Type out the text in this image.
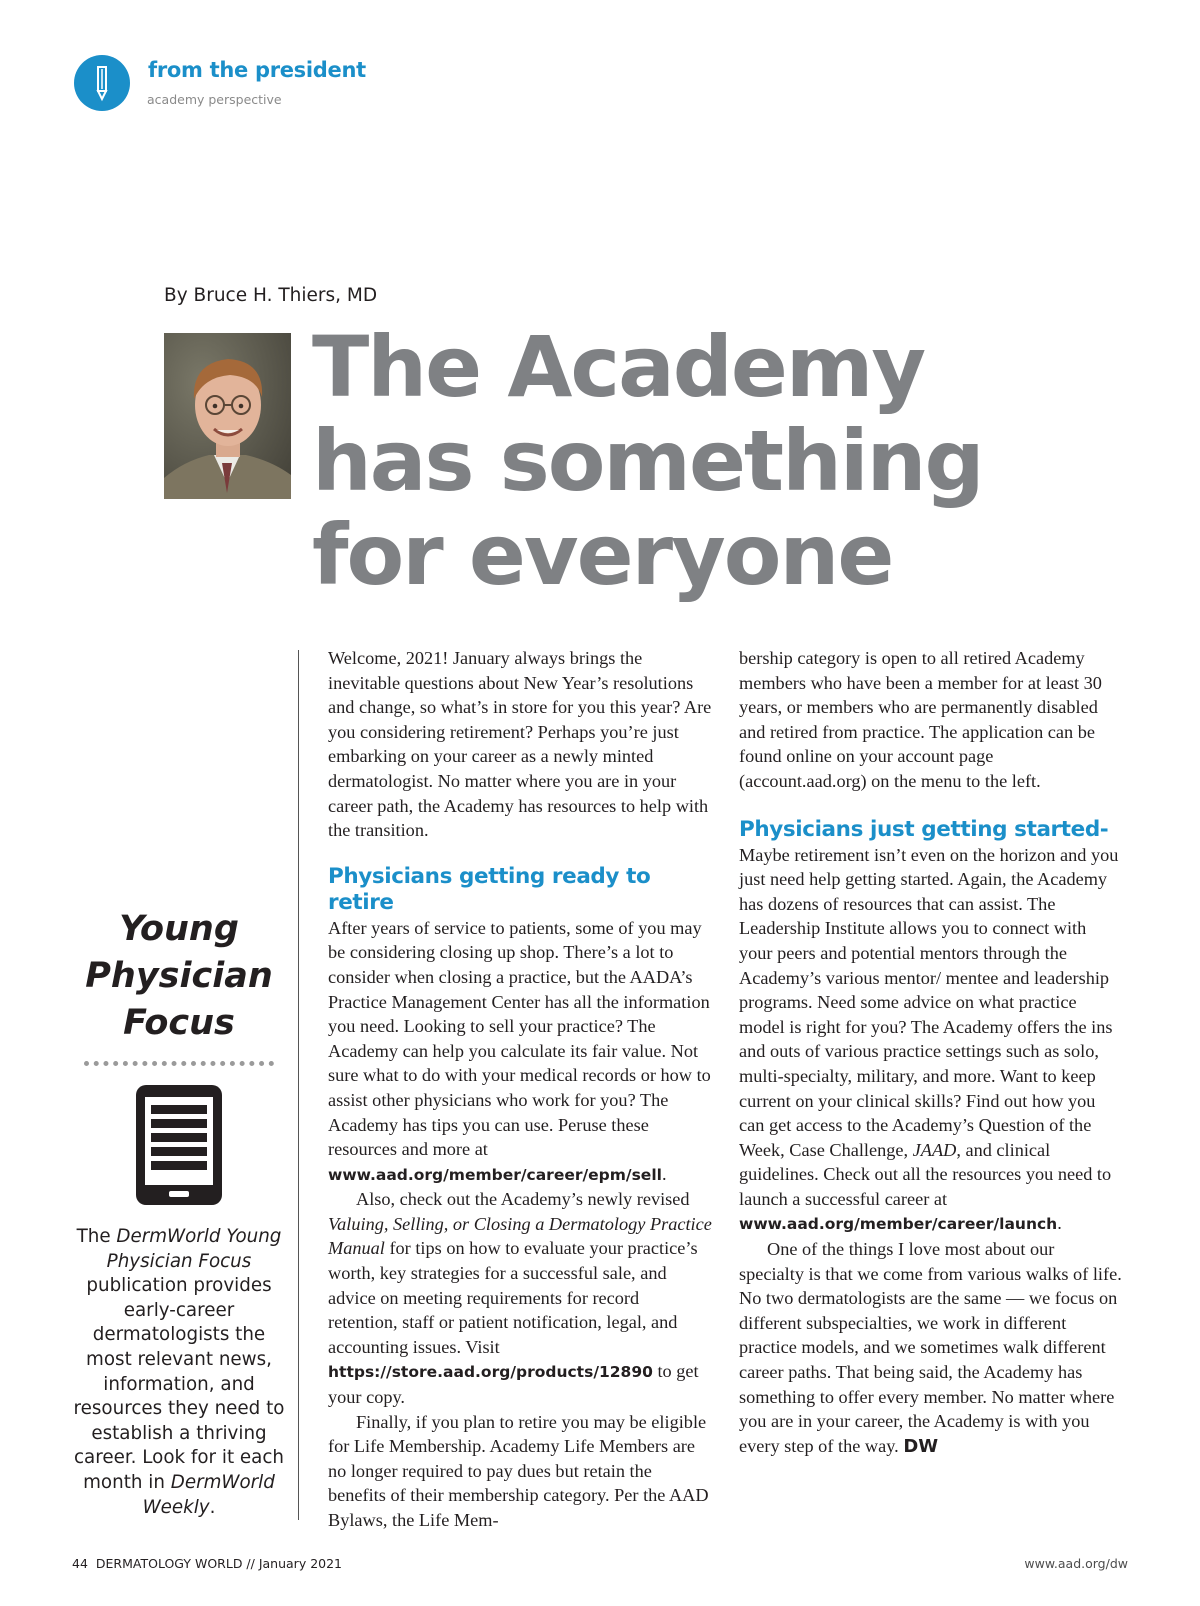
from the president
academy perspective
By Bruce H. Thiers, MD
The Academy
has something
for everyone
Young
Physician
Focus

The DermWorld Young Physician Focus publication provides early-career dermatologists the most relevant news, information, and resources they need to establish a thriving career. Look for it each month in DermWorld Weekly.

Welcome, 2021! January always brings the inevitable questions about New Year’s resolutions and change, so what’s in store for you this year? Are you considering retirement? Perhaps you’re just embarking on your career as a newly minted dermatologist. No matter where you are in your career path, the Academy has resources to help with the transition.

Physicians getting ready to retire

After years of service to patients, some of you may be considering closing up shop. There’s a lot to consider when closing a practice, but the AADA’s Practice Management Center has all the information you need. Looking to sell your practice? The Academy can help you calculate its fair value. Not sure what to do with your medical records or how to assist other physicians who work for you? The Academy has tips you can use. Peruse these resources and more at www.aad.org/member/career/epm/sell.

Also, check out the Academy’s newly revised Valuing, Selling, or Closing a Dermatology Practice Manual for tips on how to evaluate your practice’s worth, key strategies for a successful sale, and advice on meeting requirements for record retention, staff or patient notification, legal, and accounting issues. Visit https://store.aad.org/products/12890 to get your copy.

Finally, if you plan to retire you may be eligible for Life Membership. Academy Life Members are no longer required to pay dues but retain the benefits of their membership category. Per the AAD Bylaws, the Life Mem-

bership category is open to all retired Academy members who have been a member for at least 30 years, or members who are permanently disabled and retired from practice. The application can be found online on your account page (account.aad.org) on the menu to the left.

Physicians just getting started-

Maybe retirement isn’t even on the horizon and you just need help getting started. Again, the Academy has dozens of resources that can assist. The Leadership Institute allows you to connect with your peers and potential mentors through the Academy’s various mentor/ mentee and leadership programs. Need some advice on what practice model is right for you? The Academy offers the ins and outs of various practice settings such as solo, multi-specialty, military, and more. Want to keep current on your clinical skills? Find out how you can get access to the Academy’s Question of the Week, Case Challenge, JAAD, and clinical guidelines. Check out all the resources you need to launch a successful career at www.aad.org/member/career/launch.

One of the things I love most about our specialty is that we come from various walks of life. No two dermatologists are the same — we focus on different subspecialties, we work in different practice models, and we sometimes walk different career paths. That being said, the Academy has something to offer every member. No matter where you are in your career, the Academy is with you every step of the way. DW

44 DERMATOLOGY WORLD // January 2021	www.aad.org/dw
